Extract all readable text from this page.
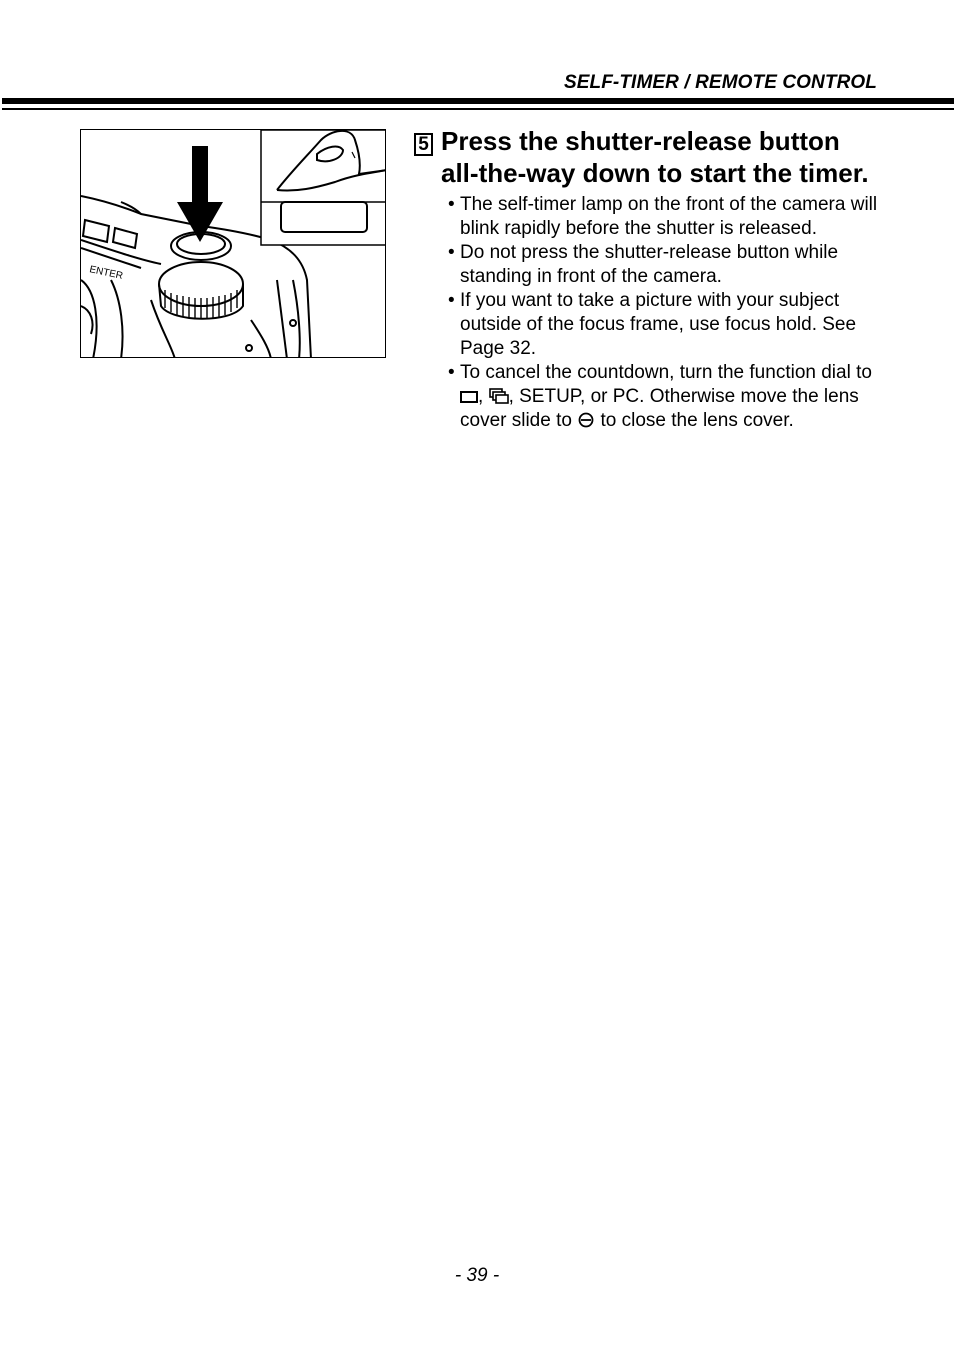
SELF-TIMER / REMOTE CONTROL
ENTER
5 Press the shutter-release button all-the-way down to start the timer.
• The self-timer lamp on the front of the camera will blink rapidly before the shutter is released.
• Do not press the shutter-release button while standing in front of the camera.
• If you want to take a picture with your subject outside of the focus frame, use focus hold. See Page 32.
• To cancel the countdown, turn the function dial to , , SETUP, or PC. Otherwise move the lens cover slide to  to close the lens cover.
- 39 -
